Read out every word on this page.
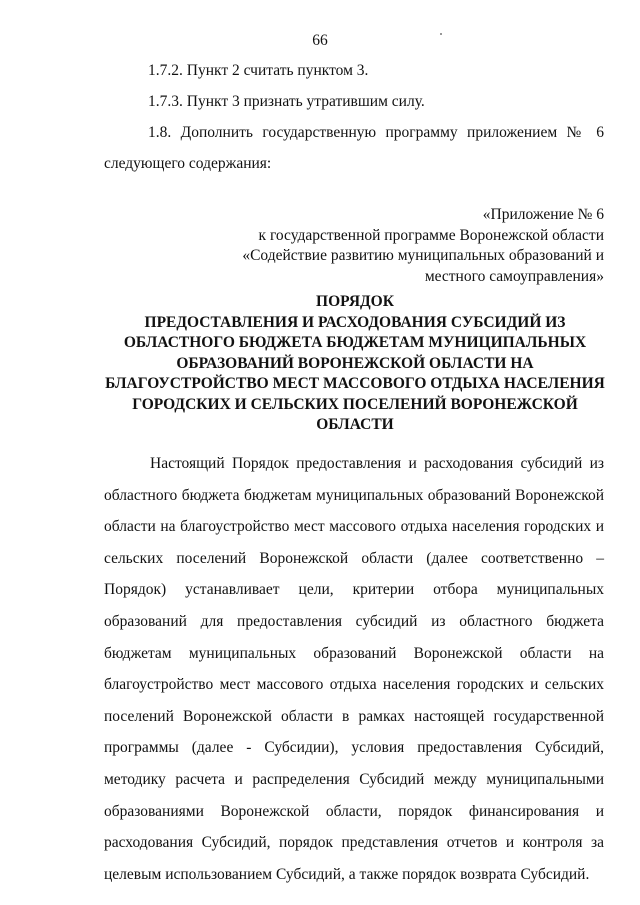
66
1.7.2. Пункт 2 считать пунктом 3.
1.7.3. Пункт 3 признать утратившим силу.
1.8. Дополнить государственную программу приложением № 6
следующего содержания:
«Приложение № 6
к государственной программе Воронежской области
«Содействие развитию муниципальных образований и
местного самоуправления»
ПОРЯДОК
ПРЕДОСТАВЛЕНИЯ И РАСХОДОВАНИЯ СУБСИДИЙ ИЗ
ОБЛАСТНОГО БЮДЖЕТА БЮДЖЕТАМ МУНИЦИПАЛЬНЫХ
ОБРАЗОВАНИЙ ВОРОНЕЖСКОЙ ОБЛАСТИ НА
БЛАГОУСТРОЙСТВО МЕСТ МАССОВОГО ОТДЫХА НАСЕЛЕНИЯ
ГОРОДСКИХ И СЕЛЬСКИХ ПОСЕЛЕНИЙ ВОРОНЕЖСКОЙ
ОБЛАСТИ
Настоящий Порядок предоставления и расходования субсидий из областного бюджета бюджетам муниципальных образований Воронежской области на благоустройство мест массового отдыха населения городских и сельских поселений Воронежской области (далее соответственно – Порядок) устанавливает цели, критерии отбора муниципальных образований для предоставления субсидий из областного бюджета бюджетам муниципальных образований Воронежской области на благоустройство мест массового отдыха населения городских и сельских поселений Воронежской области в рамках настоящей государственной программы (далее - Субсидии), условия предоставления Субсидий, методику расчета и распределения Субсидий между муниципальными образованиями Воронежской области, порядок финансирования и расходования Субсидий, порядок представления отчетов и контроля за целевым использованием Субсидий, а также порядок возврата Субсидий.
